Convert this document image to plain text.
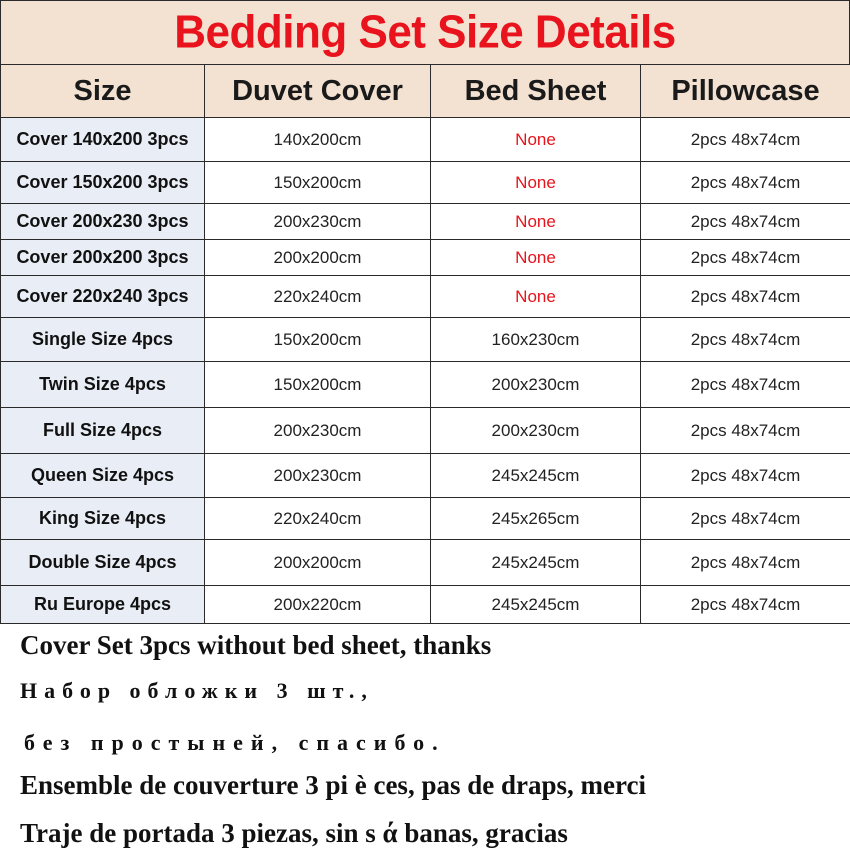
Bedding Set Size Details
Size	Duvet Cover	Bed Sheet	Pillowcase
Cover 140x200 3pcs	140x200cm	None	2pcs 48x74cm
Cover 150x200 3pcs	150x200cm	None	2pcs 48x74cm
Cover 200x230 3pcs	200x230cm	None	2pcs 48x74cm
Cover 200x200 3pcs	200x200cm	None	2pcs 48x74cm
Cover 220x240 3pcs	220x240cm	None	2pcs 48x74cm
Single Size 4pcs	150x200cm	160x230cm	2pcs 48x74cm
Twin Size 4pcs	150x200cm	200x230cm	2pcs 48x74cm
Full Size 4pcs	200x230cm	200x230cm	2pcs 48x74cm
Queen Size 4pcs	200x230cm	245x245cm	2pcs 48x74cm
King Size 4pcs	220x240cm	245x265cm	2pcs 48x74cm
Double Size 4pcs	200x200cm	245x245cm	2pcs 48x74cm
Ru Europe 4pcs	200x220cm	245x245cm	2pcs 48x74cm
Cover Set 3pcs without bed sheet, thanks
Набор обложки 3 шт.,
без простыней, спасибо.
Ensemble de couverture 3 pi è ces, pas de draps, merci
Traje de portada 3 piezas, sin s ά banas, gracias
